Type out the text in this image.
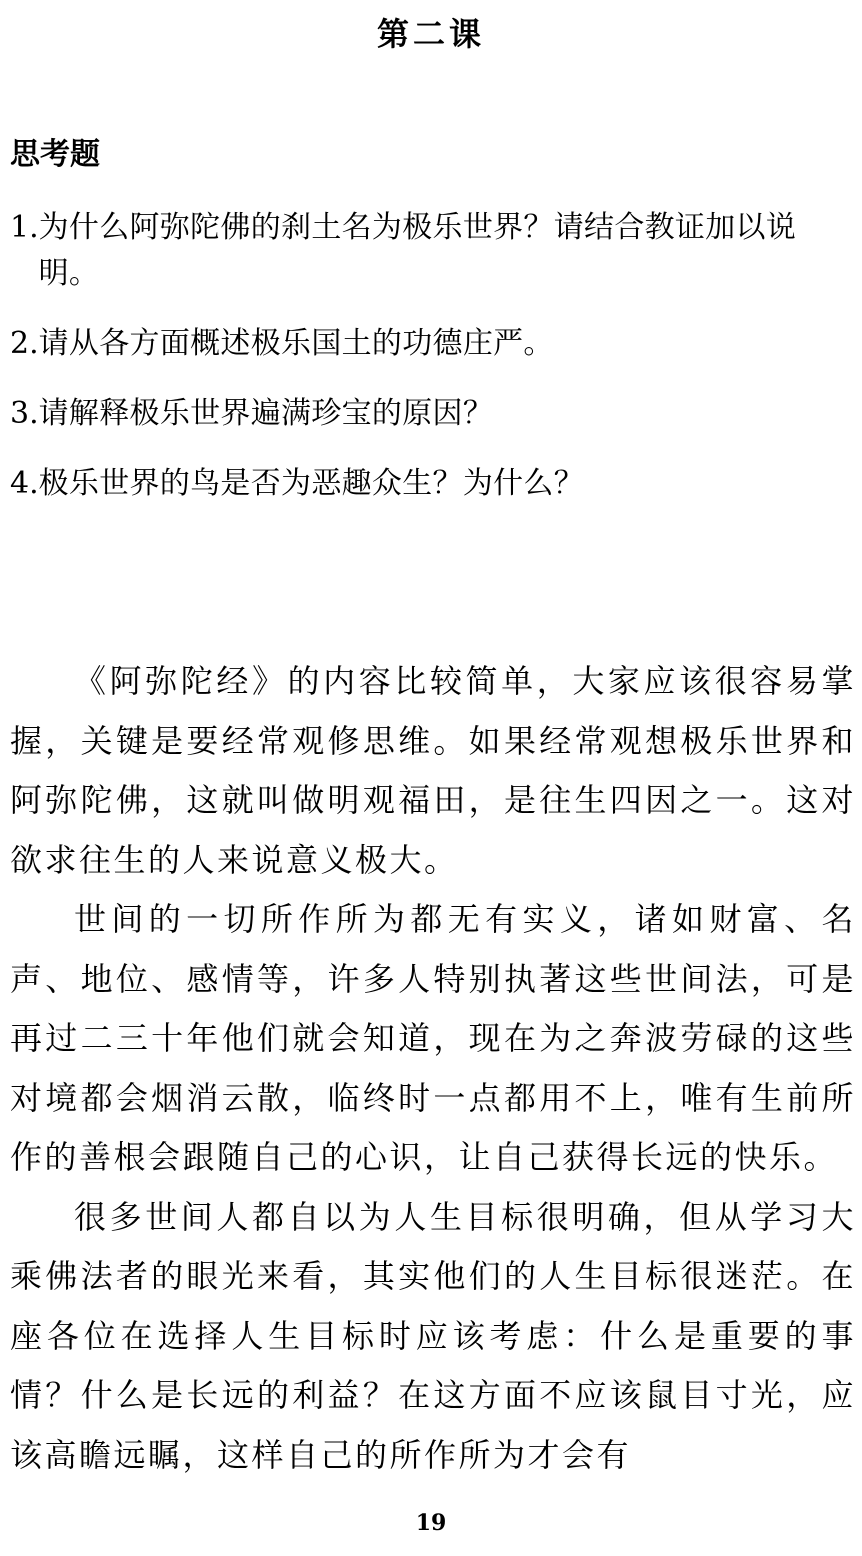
第二课
思考题
1. 为什么阿弥陀佛的刹土名为极乐世界？请结合教证加以说明。
2. 请从各方面概述极乐国土的功德庄严。
3. 请解释极乐世界遍满珍宝的原因？
4. 极乐世界的鸟是否为恶趣众生？为什么？

《阿弥陀经》的内容比较简单，大家应该很容易掌握，关键是要经常观修思维。如果经常观想极乐世界和阿弥陀佛，这就叫做明观福田，是往生四因之一。这对欲求往生的人来说意义极大。

世间的一切所作所为都无有实义，诸如财富、名声、地位、感情等，许多人特别执著这些世间法，可是再过二三十年他们就会知道，现在为之奔波劳碌的这些对境都会烟消云散，临终时一点都用不上，唯有生前所作的善根会跟随自己的心识，让自己获得长远的快乐。

很多世间人都自以为人生目标很明确，但从学习大乘佛法者的眼光来看，其实他们的人生目标很迷茫。在座各位在选择人生目标时应该考虑：什么是重要的事情？什么是长远的利益？在这方面不应该鼠目寸光，应该高瞻远瞩，这样自己的所作所为才会有

19
